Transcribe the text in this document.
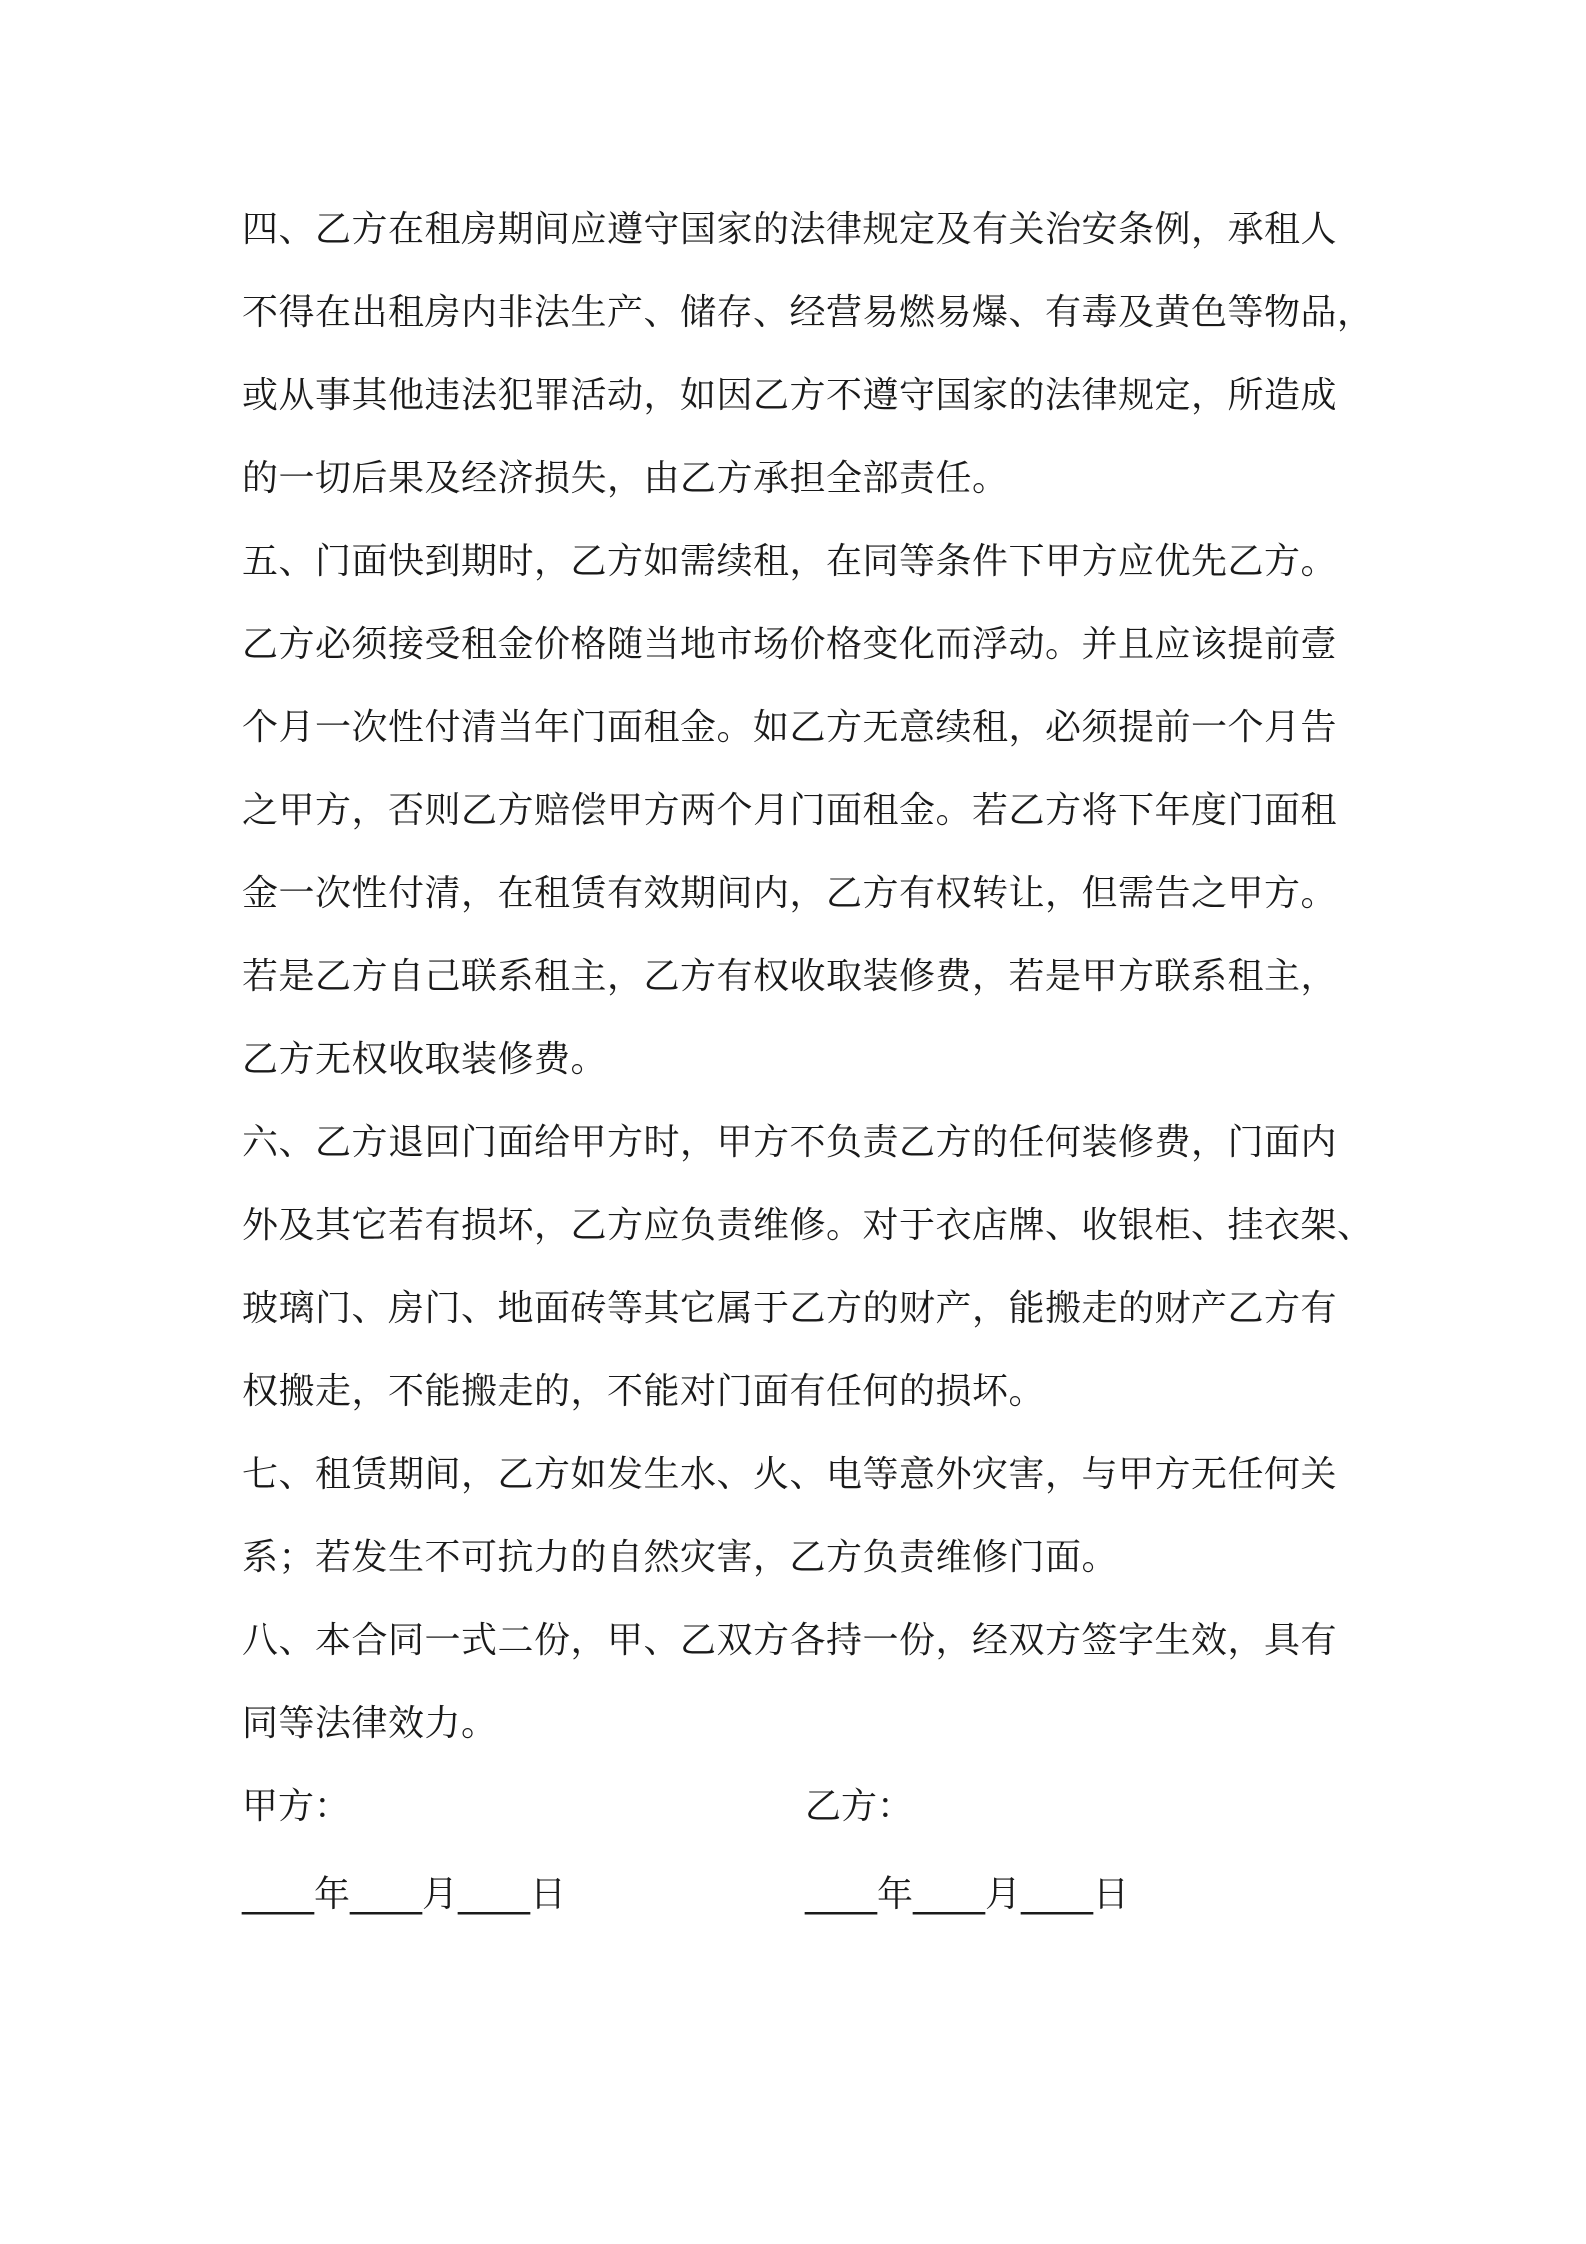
四、乙方在租房期间应遵守国家的法律规定及有关治安条例，承租人
不得在出租房内非法生产、储存、经营易燃易爆、有毒及黄色等物品，
或从事其他违法犯罪活动，如因乙方不遵守国家的法律规定，所造成
的一切后果及经济损失，由乙方承担全部责任。
五、门面快到期时，乙方如需续租，在同等条件下甲方应优先乙方。
乙方必须接受租金价格随当地市场价格变化而浮动。并且应该提前壹
个月一次性付清当年门面租金。如乙方无意续租，必须提前一个月告
之甲方，否则乙方赔偿甲方两个月门面租金。若乙方将下年度门面租
金一次性付清，在租赁有效期间内，乙方有权转让，但需告之甲方。
若是乙方自己联系租主，乙方有权收取装修费，若是甲方联系租主，
乙方无权收取装修费。
六、乙方退回门面给甲方时，甲方不负责乙方的任何装修费，门面内
外及其它若有损坏，乙方应负责维修。对于衣店牌、收银柜、挂衣架、
玻璃门、房门、地面砖等其它属于乙方的财产，能搬走的财产乙方有
权搬走，不能搬走的，不能对门面有任何的损坏。
七、租赁期间，乙方如发生水、火、电等意外灾害，与甲方无任何关
系；若发生不可抗力的自然灾害，乙方负责维修门面。
八、本合同一式二份，甲、乙双方各持一份，经双方签字生效，具有
同等法律效力。
甲方：	乙方：
____年____月____日	____年____月____日
